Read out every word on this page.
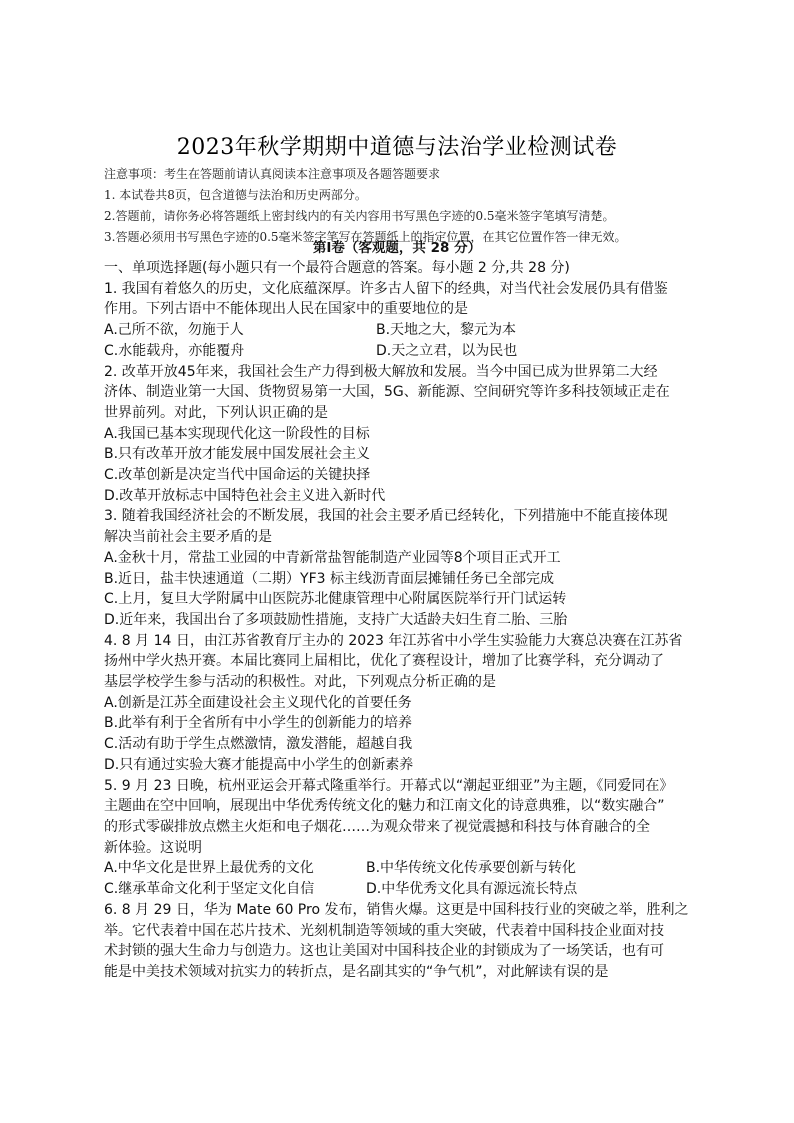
2023年秋学期期中道德与法治学业检测试卷
注意事项：考生在答题前请认真阅读本注意事项及各题答题要求
1. 本试卷共8页，包含道德与法治和历史两部分。
2.答题前，请你务必将答题纸上密封线内的有关内容用书写黑色字迹的0.5毫米签字笔填写清楚。
3.答题必须用书写黑色字迹的0.5毫米签字笔写在答题纸上的指定位置，在其它位置作答一律无效。
第Ⅰ卷（客观题，共 28 分）
一、单项选择题(每小题只有一个最符合题意的答案。每小题 2 分,共 28 分)
1. 我国有着悠久的历史，文化底蕴深厚。许多古人留下的经典，对当代社会发展仍具有借鉴
作用。下列古语中不能体现出人民在国家中的重要地位的是
A.己所不欲，勿施于人	B.天地之大，黎元为本
C.水能载舟，亦能覆舟	D.天之立君，以为民也
2. 改革开放45年来，我国社会生产力得到极大解放和发展。当今中国已成为世界第二大经
济体、制造业第一大国、货物贸易第一大国，5G、新能源、空间研究等许多科技领域正走在
世界前列。对此，下列认识正确的是
A.我国已基本实现现代化这一阶段性的目标
B.只有改革开放才能发展中国发展社会主义
C.改革创新是决定当代中国命运的关键抉择
D.改革开放标志中国特色社会主义进入新时代
3. 随着我国经济社会的不断发展，我国的社会主要矛盾已经转化，下列措施中不能直接体现
解决当前社会主要矛盾的是
A.金秋十月，常盐工业园的中青新常盐智能制造产业园等8个项目正式开工
B.近日，盐丰快速通道（二期）YF3 标主线沥青面层摊铺任务已全部完成
C.上月，复旦大学附属中山医院苏北健康管理中心附属医院举行开门试运转
D.近年来，我国出台了多项鼓励性措施，支持广大适龄夫妇生育二胎、三胎
4. 8 月 14 日，由江苏省教育厅主办的 2023 年江苏省中小学生实验能力大赛总决赛在江苏省
扬州中学火热开赛。本届比赛同上届相比，优化了赛程设计，增加了比赛学科，充分调动了
基层学校学生参与活动的积极性。对此，下列观点分析正确的是
A.创新是江苏全面建设社会主义现代化的首要任务
B.此举有利于全省所有中小学生的创新能力的培养
C.活动有助于学生点燃激情，激发潜能，超越自我
D.只有通过实验大赛才能提高中小学生的创新素养
5. 9 月 23 日晚，杭州亚运会开幕式隆重举行。开幕式以“潮起亚细亚”为主题，《同爱同在》
主题曲在空中回响，展现出中华优秀传统文化的魅力和江南文化的诗意典雅，以“数实融合”
的形式零碳排放点燃主火炬和电子烟花……为观众带来了视觉震撼和科技与体育融合的全
新体验。这说明
A.中华文化是世界上最优秀的文化	B.中华传统文化传承要创新与转化
C.继承革命文化利于坚定文化自信	D.中华优秀文化具有源远流长特点
6. 8 月 29 日，华为 Mate 60 Pro 发布，销售火爆。这更是中国科技行业的突破之举，胜利之
举。它代表着中国在芯片技术、光刻机制造等领域的重大突破，代表着中国科技企业面对技
术封锁的强大生命力与创造力。这也让美国对中国科技企业的封锁成为了一场笑话，也有可
能是中美技术领域对抗实力的转折点，是名副其实的“争气机”，对此解读有误的是
